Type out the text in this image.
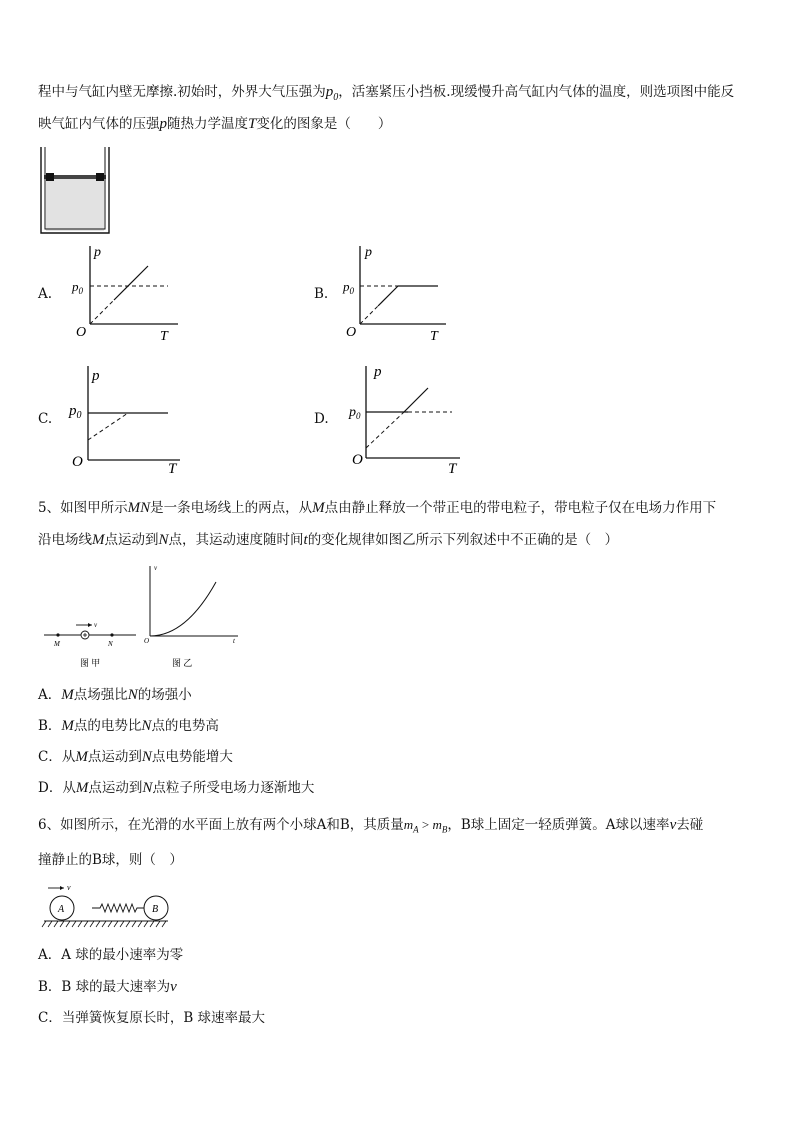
程中与气缸内壁无摩擦.初始时，外界大气压强为$p_0$，活塞紧压小挡板.现缓慢升高气缸内气体的温度，则选项图中能反
映气缸内气体的压强p随热力学温度T变化的图象是（　　）
A.
p
$p_0$
O	T
B.
p
$p_0$
O	T
C.
p
$p_0$
O	T
D.
p
$p_0$
O
T
5、如图甲所示MN是一条电场线上的两点，从M点由静止释放一个带正电的带电粒子，带电粒子仅在电场力作用下
沿电场线M点运动到N点，其运动速度随时间t的变化规律如图乙所示下列叙述中不正确的是（　）
v
M	N
图 甲
v
O	t
图 乙
A．M点场强比N的场强小
B．M点的电势比N点的电势高
C．从M点运动到N点电势能增大
D．从M点运动到N点粒子所受电场力逐渐地大
6、如图所示，在光滑的水平面上放有两个小球A和B，其质量$m_A > m_B$，B球上固定一轻质弹簧。A球以速率v去碰
撞静止的B球，则（　）
v
A	B
A．A 球的最小速率为零
B．B 球的最大速率为v
C．当弹簧恢复原长时，B 球速率最大
